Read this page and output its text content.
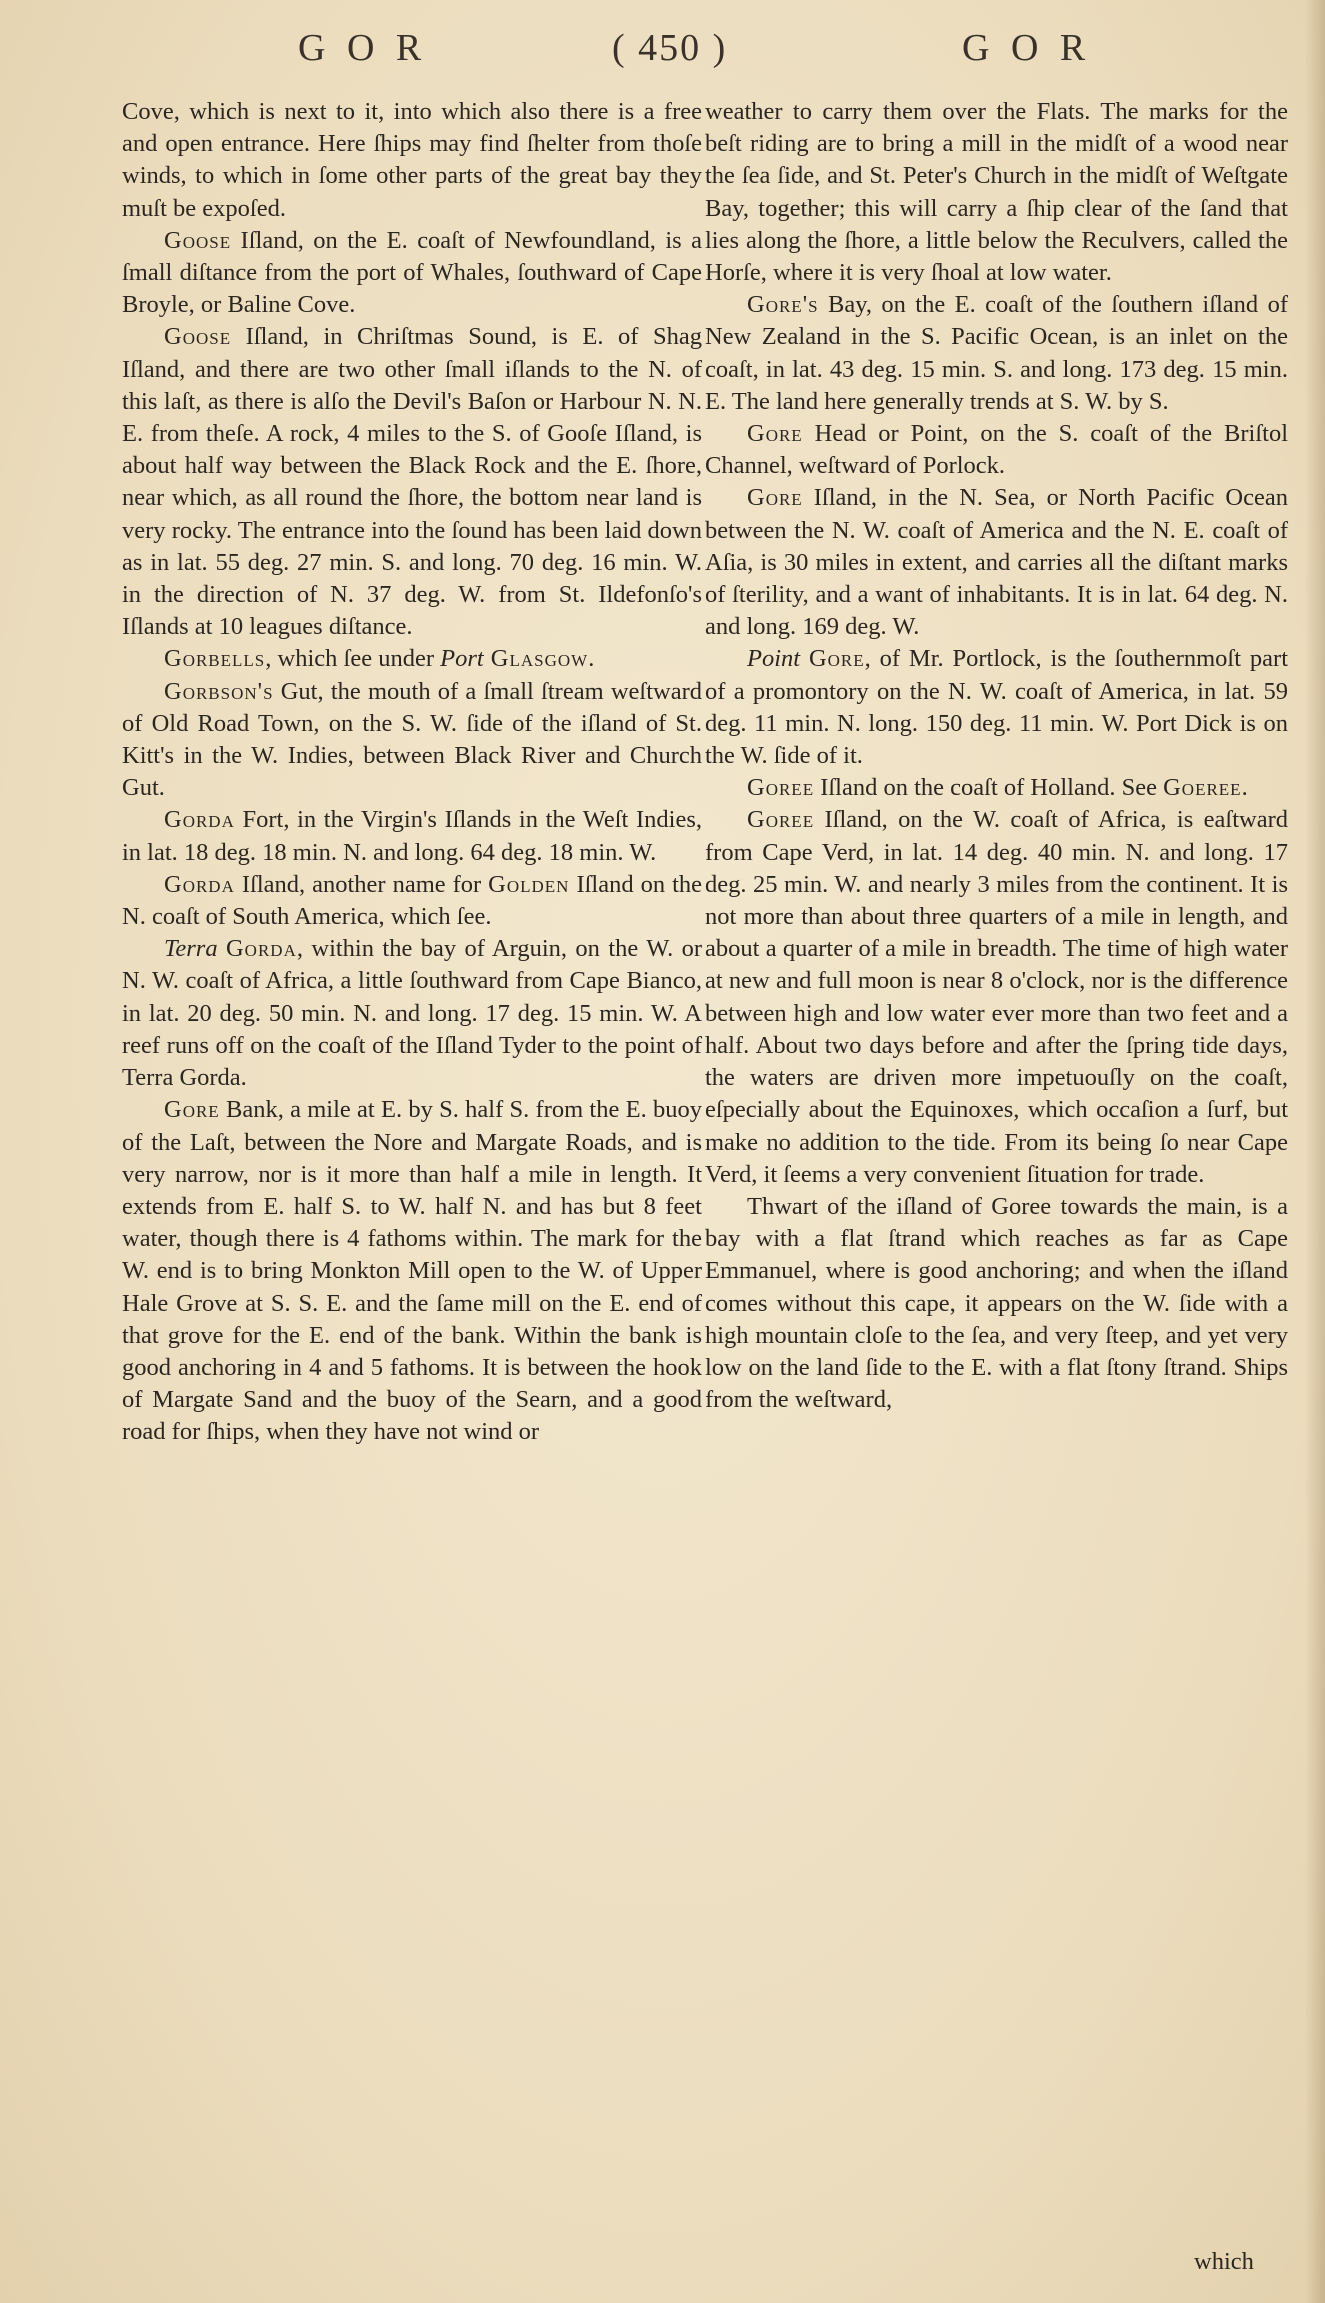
G O R	( 450 )	G O R

Cove, which is next to it, into which also there is a free and open entrance. Here ſhips may find ſhelter from thoſe winds, to which in ſome other parts of the great bay they muſt be expoſed.

Goose Iſland, on the E. coaſt of Newfoundland, is a ſmall diſtance from the port of Whales, ſouthward of Cape Broyle, or Baline Cove.

Goose Iſland, in Chriſtmas Sound, is E. of Shag Iſland, and there are two other ſmall iſlands to the N. of this laſt, as there is alſo the Devil's Baſon or Harbour N. N. E. from theſe. A rock, 4 miles to the S. of Gooſe Iſland, is about half way between the Black Rock and the E. ſhore, near which, as all round the ſhore, the bottom near land is very rocky. The entrance into the ſound has been laid down as in lat. 55 deg. 27 min. S. and long. 70 deg. 16 min. W. in the direction of N. 37 deg. W. from St. Ildefonſo's Iſlands at 10 leagues diſtance.

Gorbells, which ſee under Port Glasgow.

Gorbson's Gut, the mouth of a ſmall ſtream weſtward of Old Road Town, on the S. W. ſide of the iſland of St. Kitt's in the W. Indies, between Black River and Church Gut.

Gorda Fort, in the Virgin's Iſlands in the Weſt Indies, in lat. 18 deg. 18 min. N. and long. 64 deg. 18 min. W.

Gorda Iſland, another name for Golden Iſland on the N. coaſt of South America, which ſee.

Terra Gorda, within the bay of Arguin, on the W. or N. W. coaſt of Africa, a little ſouthward from Cape Bianco, in lat. 20 deg. 50 min. N. and long. 17 deg. 15 min. W. A reef runs off on the coaſt of the Iſland Tyder to the point of Terra Gorda.

Gore Bank, a mile at E. by S. half S. from the E. buoy of the Laſt, between the Nore and Margate Roads, and is very narrow, nor is it more than half a mile in length. It extends from E. half S. to W. half N. and has but 8 feet water, though there is 4 fathoms within. The mark for the W. end is to bring Monkton Mill open to the W. of Upper Hale Grove at S. S. E. and the ſame mill on the E. end of that grove for the E. end of the bank. Within the bank is good anchoring in 4 and 5 fathoms. It is between the hook of Margate Sand and the buoy of the Searn, and a good road for ſhips, when they have not wind or

weather to carry them over the Flats. The marks for the beſt riding are to bring a mill in the midſt of a wood near the ſea ſide, and St. Peter's Church in the midſt of Weſtgate Bay, together; this will carry a ſhip clear of the ſand that lies along the ſhore, a little below the Reculvers, called the Horſe, where it is very ſhoal at low water.

Gore's Bay, on the E. coaſt of the ſouthern iſland of New Zealand in the S. Pacific Ocean, is an inlet on the coaſt, in lat. 43 deg. 15 min. S. and long. 173 deg. 15 min. E. The land here generally trends at S. W. by S.

Gore Head or Point, on the S. coaſt of the Briſtol Channel, weſtward of Porlock.

Gore Iſland, in the N. Sea, or North Pacific Ocean between the N. W. coaſt of America and the N. E. coaſt of Aſia, is 30 miles in extent, and carries all the diſtant marks of ſterility, and a want of inhabitants. It is in lat. 64 deg. N. and long. 169 deg. W.

Point Gore, of Mr. Portlock, is the ſouthernmoſt part of a promontory on the N. W. coaſt of America, in lat. 59 deg. 11 min. N. long. 150 deg. 11 min. W. Port Dick is on the W. ſide of it.

Goree Iſland on the coaſt of Holland. See Goeree.

Goree Iſland, on the W. coaſt of Africa, is eaſtward from Cape Verd, in lat. 14 deg. 40 min. N. and long. 17 deg. 25 min. W. and nearly 3 miles from the continent. It is not more than about three quarters of a mile in length, and about a quarter of a mile in breadth. The time of high water at new and full moon is near 8 o'clock, nor is the difference between high and low water ever more than two feet and a half. About two days before and after the ſpring tide days, the waters are driven more impetuouſly on the coaſt, eſpecially about the Equinoxes, which occaſion a ſurf, but make no addition to the tide. From its being ſo near Cape Verd, it ſeems a very convenient ſituation for trade.

Thwart of the iſland of Goree towards the main, is a bay with a flat ſtrand which reaches as far as Cape Emmanuel, where is good anchoring; and when the iſland comes without this cape, it appears on the W. ſide with a high mountain cloſe to the ſea, and very ſteep, and yet very low on the land ſide to the E. with a flat ſtony ſtrand. Ships from the weſtward,

which
